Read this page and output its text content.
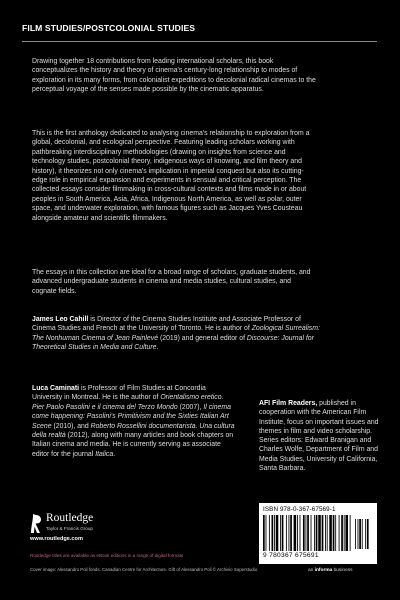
FILM STUDIES/POSTCOLONIAL STUDIES

Drawing together 18 contributions from leading international scholars, this book conceptualizes the history and theory of cinema's century-long relationship to modes of exploration in its many forms, from colonialist expeditions to decolonial radical cinemas to the perceptual voyage of the senses made possible by the cinematic apparatus.

This is the first anthology dedicated to analysing cinema's relationship to exploration from a global, decolonial, and ecological perspective. Featuring leading scholars working with pathbreaking interdisciplinary methodologies (drawing on insights from science and technology studies, postcolonial theory, indigenous ways of knowing, and film theory and history), it theorizes not only cinema's implication in imperial conquest but also its cutting-edge role in empirical expansion and experiments in sensual and critical perception. The collected essays consider filmmaking in cross-cultural contexts and films made in or about peoples in South America, Asia, Africa, Indigenous North America, as well as polar, outer space, and underwater exploration, with famous figures such as Jacques Yves Cousteau alongside amateur and scientific filmmakers.

The essays in this collection are ideal for a broad range of scholars, graduate students, and advanced undergraduate students in cinema and media studies, cultural studies, and cognate fields.

James Leo Cahill is Director of the Cinema Studies Institute and Associate Professor of Cinema Studies and French at the University of Toronto. He is author of Zoological Surrealism: The Nonhuman Cinema of Jean Painlevé (2019) and general editor of Discourse: Journal for Theoretical Studies in Media and Culture.

Luca Caminati is Professor of Film Studies at Concordia University in Montreal. He is the author of Orientalismo eretico. Pier Paolo Pasolini e il cinema del Terzo Mondo (2007), Il cinema come happening: Pasolini's Primitivism and the Sixties Italian Art Scene (2010), and Roberto Rossellini documentarista. Una cultura della realtà (2012), along with many articles and book chapters on Italian cinema and media. He is currently serving as associate editor for the journal Italica.

AFI Film Readers, published in cooperation with the American Film Institute, focus on important issues and themes in film and video scholarship. Series editors: Edward Branigan and Charles Wolfe, Department of Film and Media Studies, University of California, Santa Barbara.

Routledge
Taylor & Francis Group
www.routledge.com
Routledge titles are available as eBook editions in a range of digital formats
Cover image: Alessandro Poli fonds. Canadian Centre for Architecture. Gift of Alessandro Poli © Archivio Superstudio	an informa business
ISBN 978-0-367-67569-1
9 780367 675691
